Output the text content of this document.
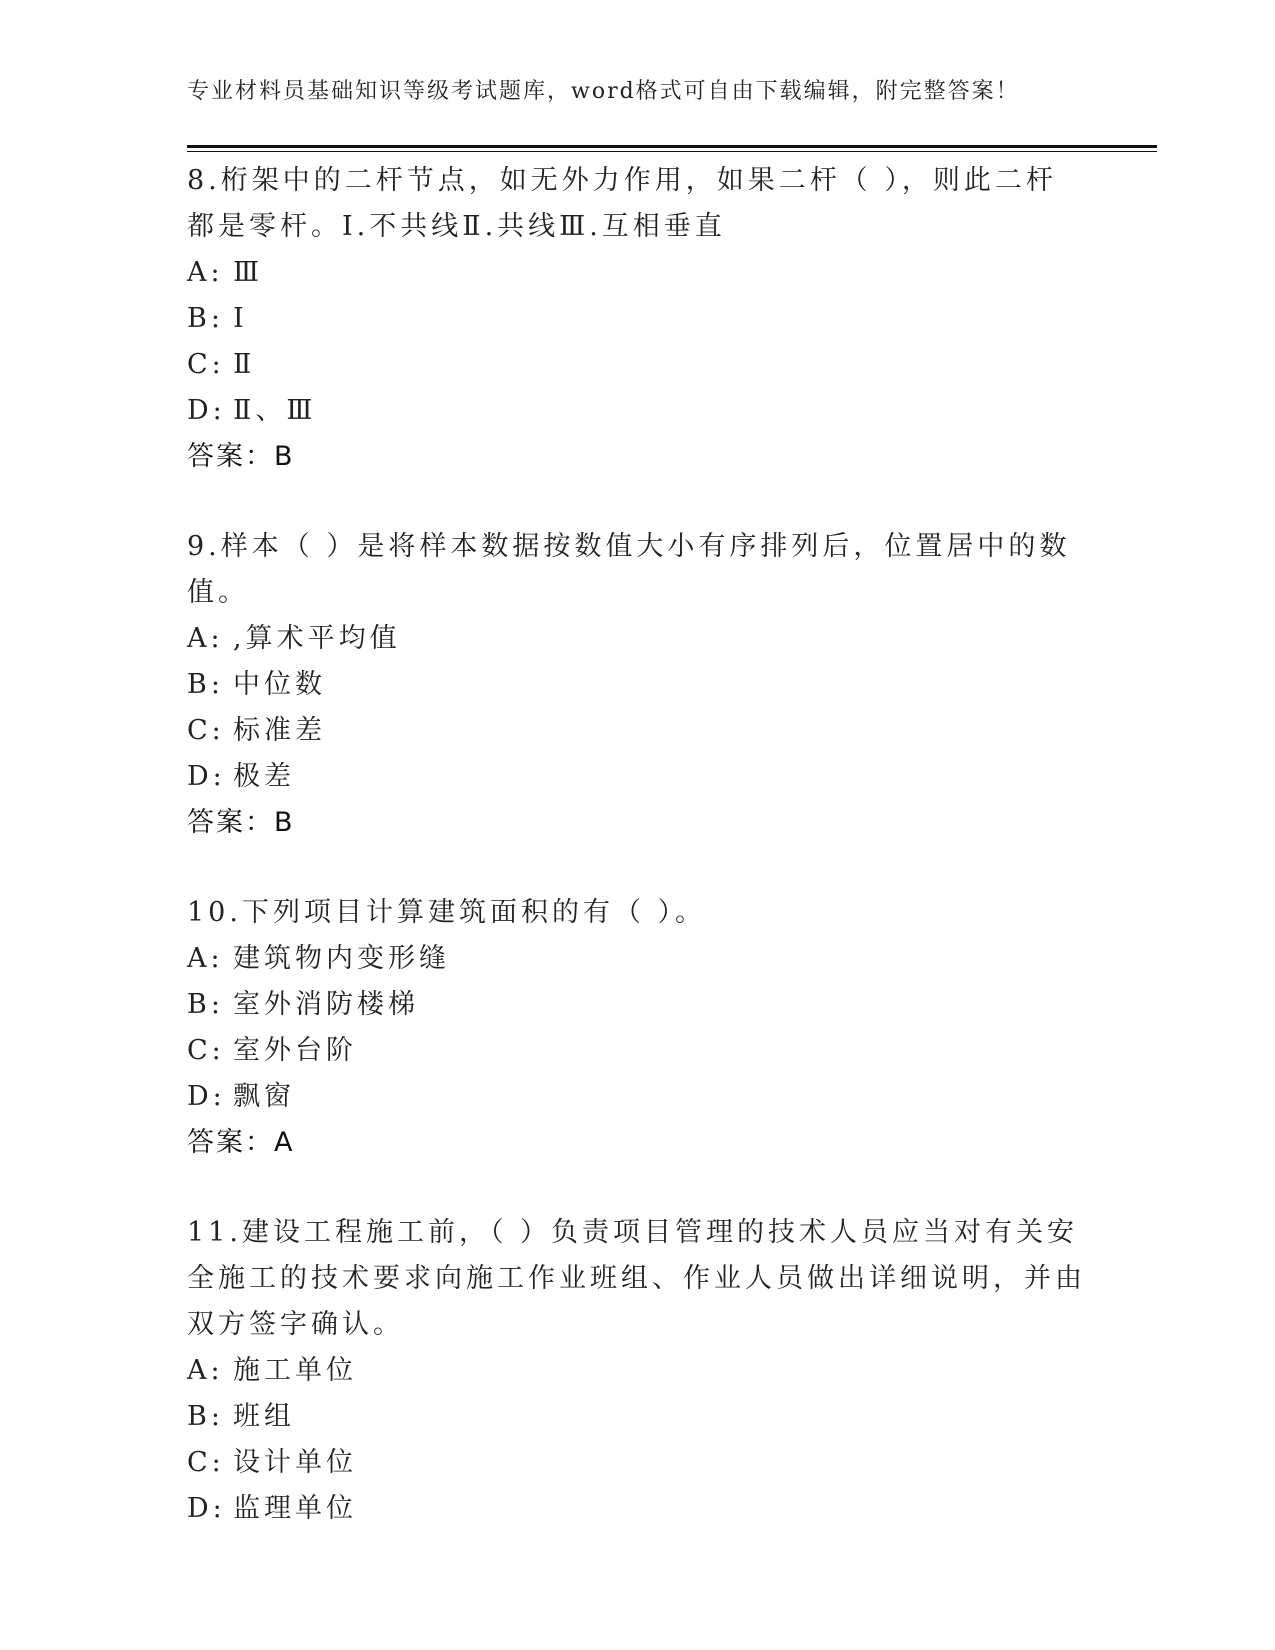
专业材料员基础知识等级考试题库，word格式可自由下载编辑，附完整答案！

8.桁架中的二杆节点，如无外力作用，如果二杆（ ），则此二杆都是零杆。I.不共线Ⅱ.共线Ⅲ.互相垂直

A: Ⅲ

B: Ⅰ

C: Ⅱ

D: Ⅱ、Ⅲ

答案：B

9.样本（ ）是将样本数据按数值大小有序排列后，位置居中的数值。

A: ,算术平均值

B: 中位数

C: 标准差

D: 极差

答案：B

10.下列项目计算建筑面积的有（ ）。

A: 建筑物内变形缝

B: 室外消防楼梯

C: 室外台阶

D: 飘窗

答案：A

11.建设工程施工前，（ ）负责项目管理的技术人员应当对有关安全施工的技术要求向施工作业班组、作业人员做出详细说明，并由双方签字确认。

A: 施工单位

B: 班组

C: 设计单位

D: 监理单位
